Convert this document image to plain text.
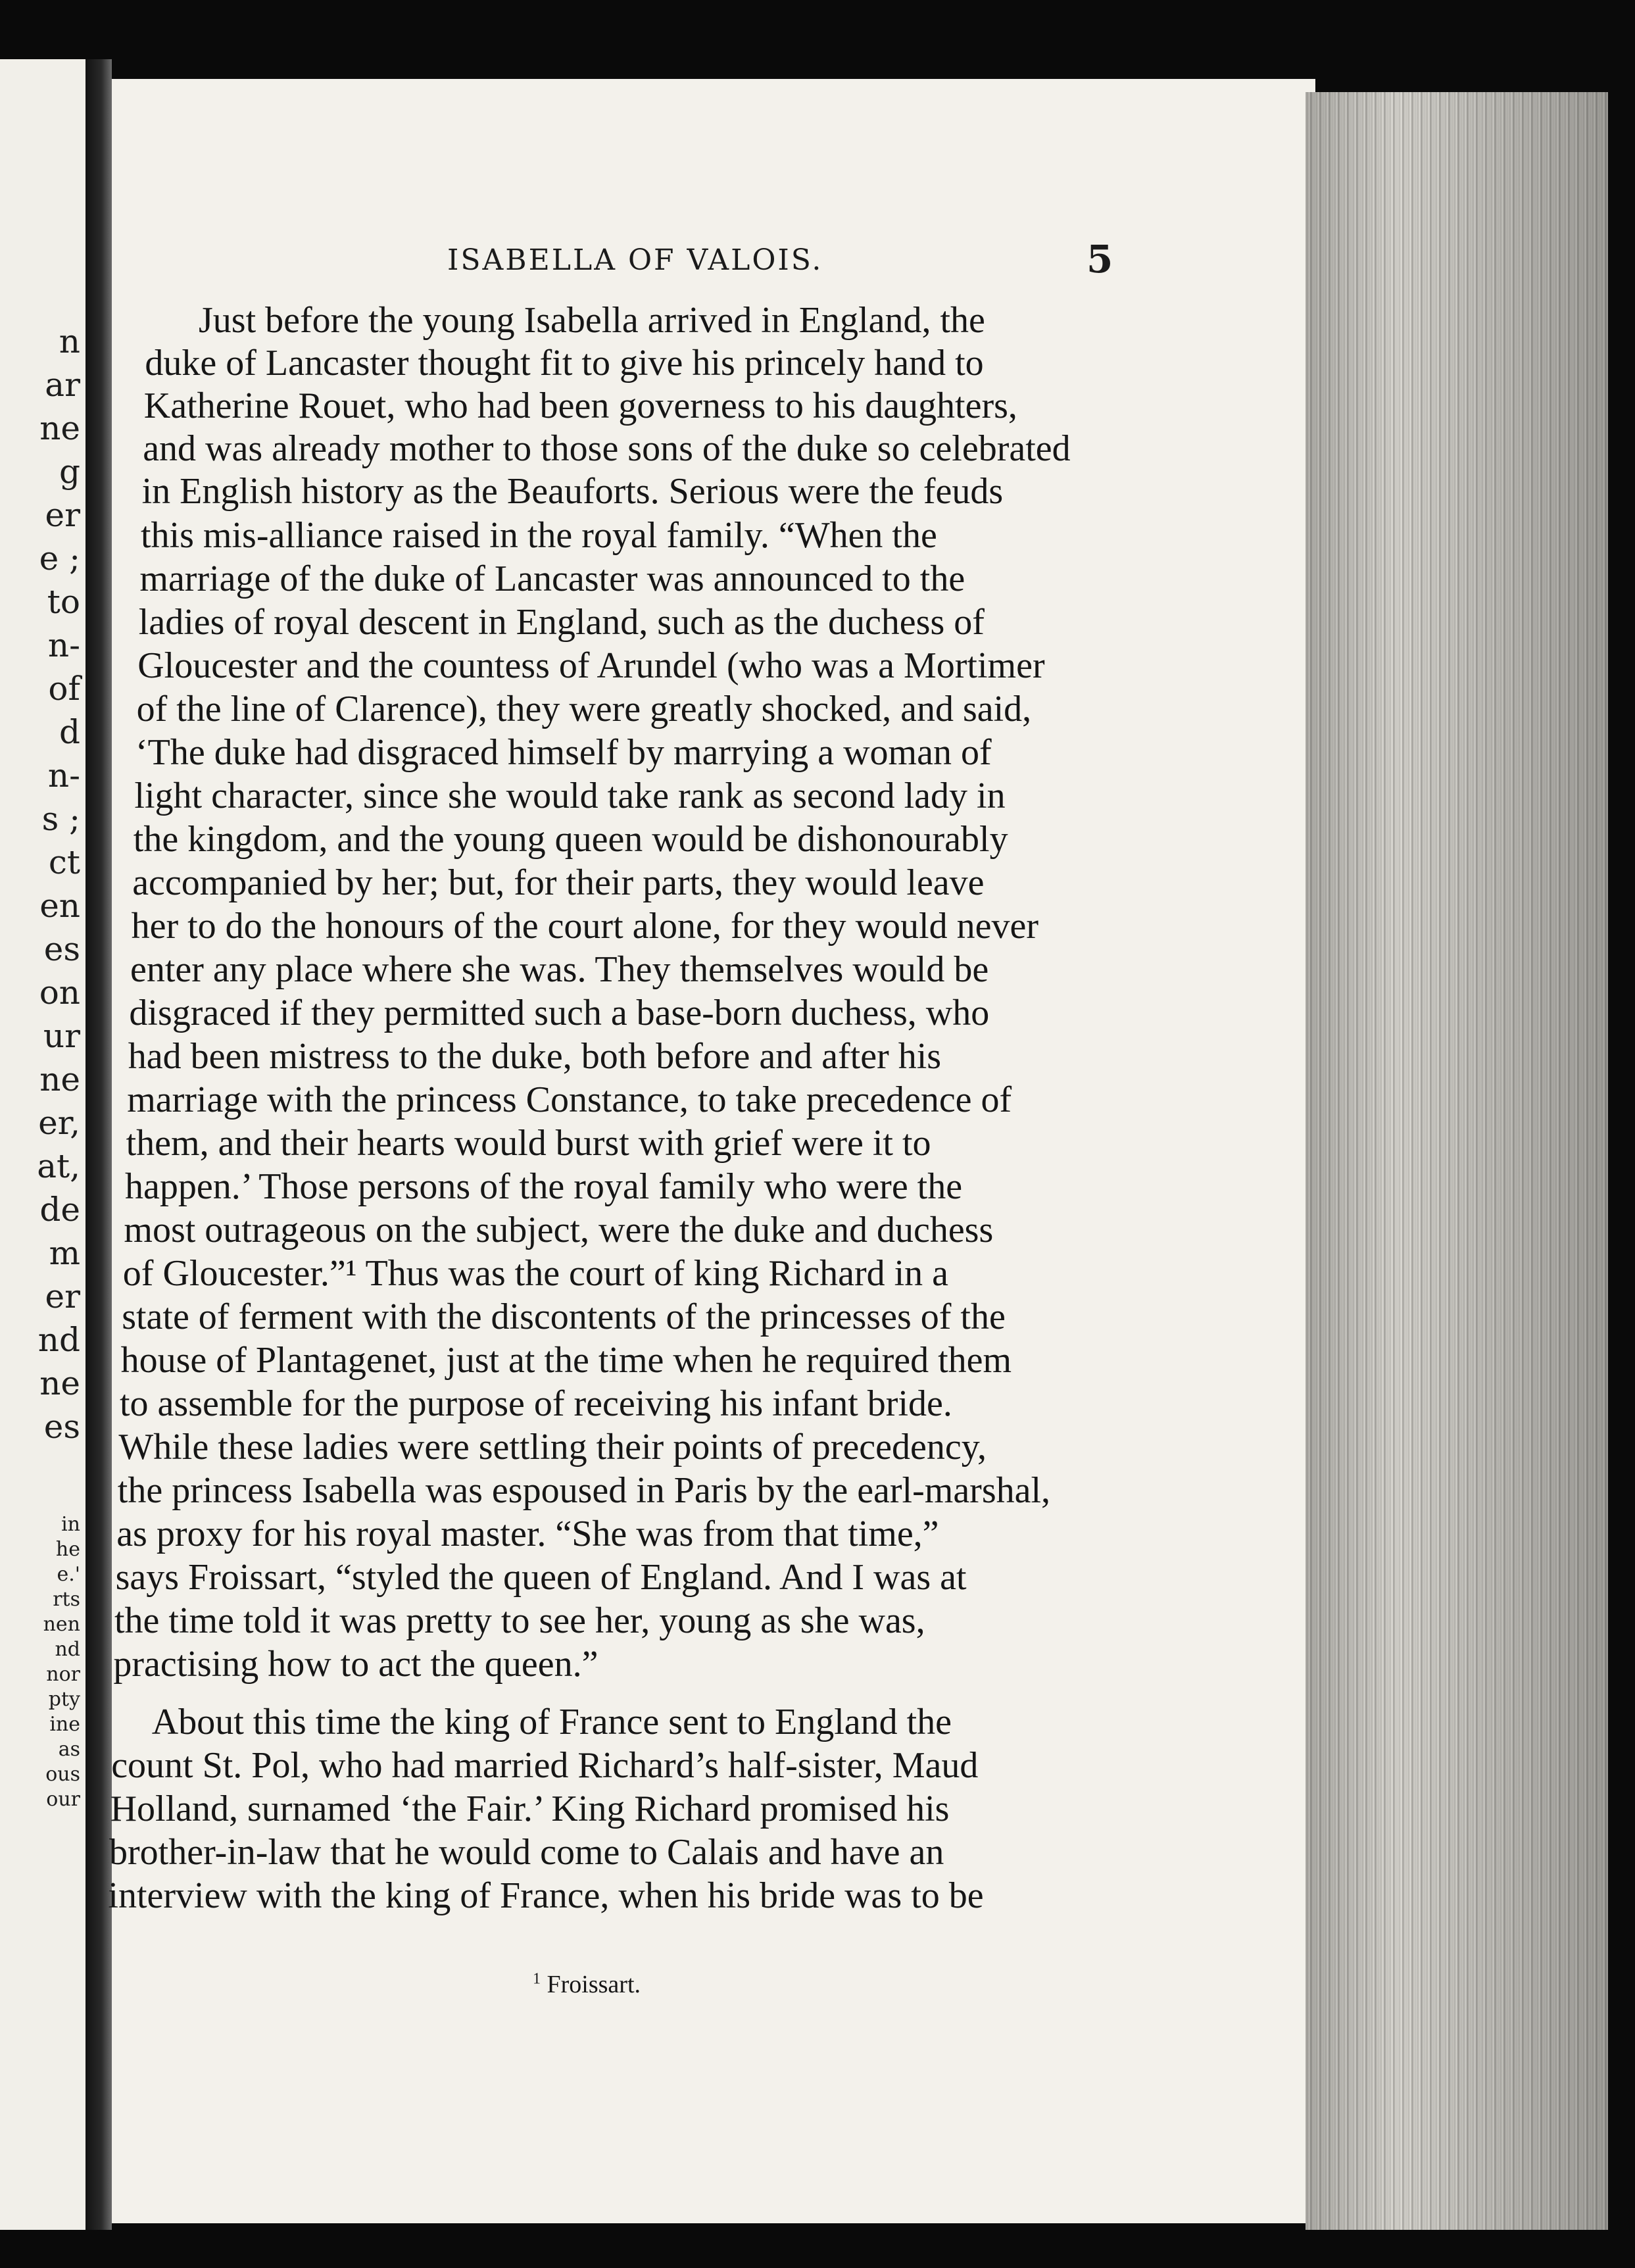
n
ar
ne
g
er
e ;
to
n-
of
d
n-
s ;
ct
en
es
on
ur
ne
er,
at,
de
m
er
nd
ne
es
in
he
e.'
rts
nen
nd
nor
pty
ine
as
ous
our
ISABELLA OF VALOIS.	5
Just before the young Isabella arrived in England, the
duke of Lancaster thought fit to give his princely hand to
Katherine Rouet, who had been governess to his daughters,
and was already mother to those sons of the duke so celebrated
in English history as the Beauforts. Serious were the feuds
this mis-alliance raised in the royal family. “When the
marriage of the duke of Lancaster was announced to the
ladies of royal descent in England, such as the duchess of
Gloucester and the countess of Arundel (who was a Mortimer
of the line of Clarence), they were greatly shocked, and said,
‘The duke had disgraced himself by marrying a woman of
light character, since she would take rank as second lady in
the kingdom, and the young queen would be dishonourably
accompanied by her; but, for their parts, they would leave
her to do the honours of the court alone, for they would never
enter any place where she was. They themselves would be
disgraced if they permitted such a base-born duchess, who
had been mistress to the duke, both before and after his
marriage with the princess Constance, to take precedence of
them, and their hearts would burst with grief were it to
happen.’ Those persons of the royal family who were the
most outrageous on the subject, were the duke and duchess
of Gloucester.”¹ Thus was the court of king Richard in a
state of ferment with the discontents of the princesses of the
house of Plantagenet, just at the time when he required them
to assemble for the purpose of receiving his infant bride.
While these ladies were settling their points of precedency,
the princess Isabella was espoused in Paris by the earl-marshal,
as proxy for his royal master. “She was from that time,”
says Froissart, “styled the queen of England. And I was at
the time told it was pretty to see her, young as she was,
practising how to act the queen.”
About this time the king of France sent to England the
count St. Pol, who had married Richard’s half-sister, Maud
Holland, surnamed ‘the Fair.’ King Richard promised his
brother-in-law that he would come to Calais and have an
interview with the king of France, when his bride was to be
$^1$ Froissart.
